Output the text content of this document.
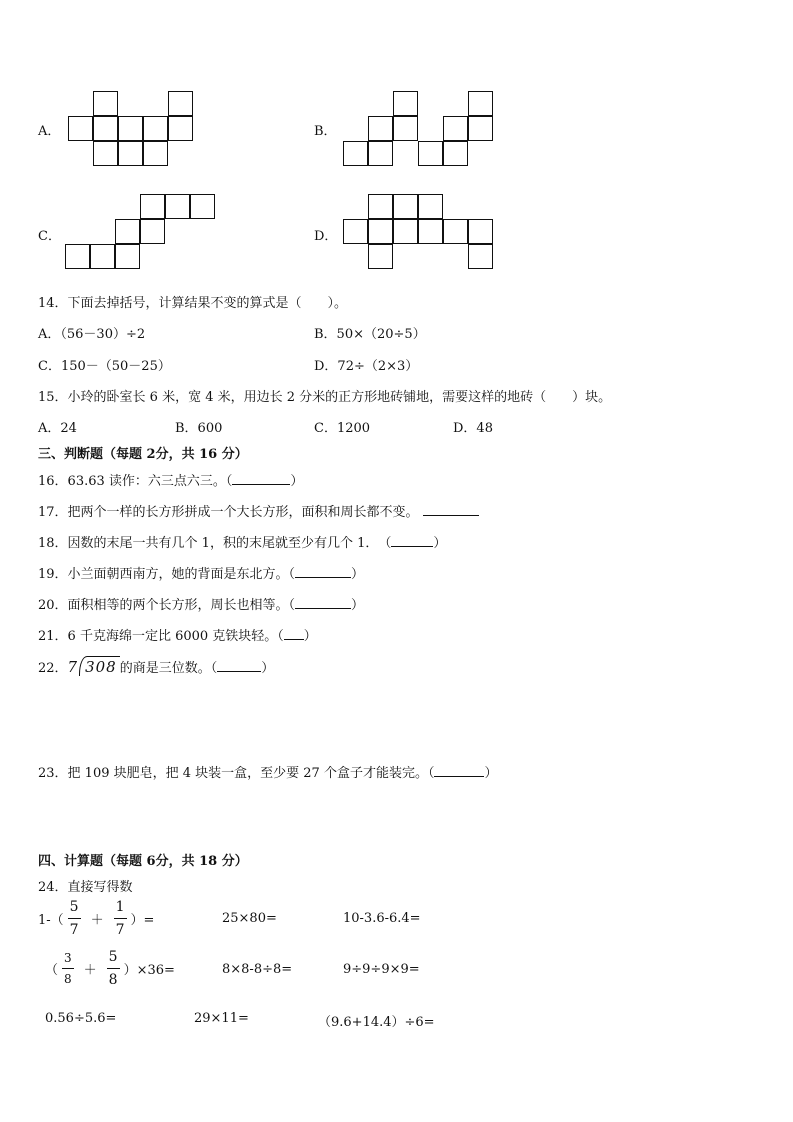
A．	B．
C．	D．
14．下面去掉括号，计算结果不变的算式是（　　）。
A．（56－30）÷2	B．50×（20÷5）
C．150－（50－25）	D．72÷（2×3）
15．小玲的卧室长 6 米，宽 4 米，用边长 2 分米的正方形地砖铺地，需要这样的地砖（　　）块。
A．24	B．600	C．1200	D．48
三、判断题（每题 2分，共 16 分）
16．63.63 读作：六三点六三。（	）
17．把两个一样的长方形拼成一个大长方形，面积和周长都不变。
18．因数的末尾一共有几个 1，积的末尾就至少有几个 1．　（	）
19．小兰面朝西南方，她的背面是东北方。（	）
20．面积相等的两个长方形，周长也相等。（	）
21．6 千克海绵一定比 6000 克铁块轻。（ ）
22．7 308 的商是三位数。（	）
23．把 109 块肥皂，把 4 块装一盒，至少要 27 个盒子才能装完。（	）
四、计算题（每题 6分，共 18 分）
24．直接写得数
$1-( \frac{5}{7} + \frac{1}{7}$ ）=	25×80=	10-3.6-6.4=
（ $\frac{3}{8} + \frac{5}{8} )\times 36=$	8×8-8÷8=	9÷9÷9×9=
0.56÷5.6=	29×11=	（9.6+14.4）÷6=
